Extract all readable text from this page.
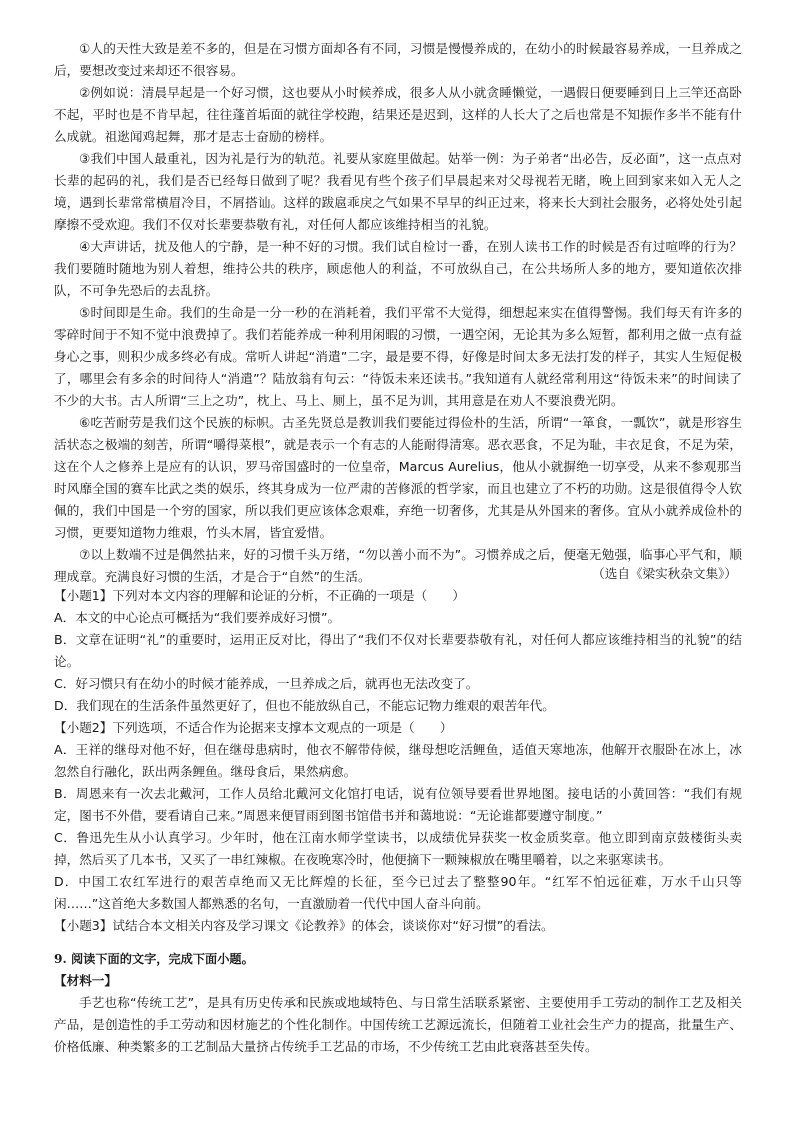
①人的天性大致是差不多的，但是在习惯方面却各有不同，习惯是慢慢养成的，在幼小的时候最容易养成，一旦养成之后，要想改变过来却还不很容易。

②例如说：清晨早起是一个好习惯，这也要从小时候养成，很多人从小就贪睡懒觉，一遇假日便要睡到日上三竿还高卧不起，平时也是不肯早起，往往蓬首垢面的就往学校跑，结果还是迟到，这样的人长大了之后也常是不知振作多半不能有什么成就。祖逖闻鸡起舞，那才是志士奋励的榜样。

③我们中国人最重礼，因为礼是行为的轨范。礼要从家庭里做起。姑举一例：为子弟者“出必告，反必面”，这一点点对长辈的起码的礼，我们是否已经每日做到了呢？我看见有些个孩子们早晨起来对父母视若无睹，晚上回到家来如入无人之境，遇到长辈常常横眉冷目，不屑搭讪。这样的跋扈乖戾之气如果不早早的纠正过来，将来长大到社会服务，必将处处引起摩擦不受欢迎。我们不仅对长辈要恭敬有礼，对任何人都应该维持相当的礼貌。

④大声讲话，扰及他人的宁静，是一种不好的习惯。我们试自检讨一番，在别人读书工作的时候是否有过喧哗的行为？我们要随时随地为别人着想，维持公共的秩序，顾虑他人的利益，不可放纵自己，在公共场所人多的地方，要知道依次排队，不可争先恐后的去乱挤。

⑤时间即是生命。我们的生命是一分一秒的在消耗着，我们平常不大觉得，细想起来实在值得警惕。我们每天有许多的零碎时间于不知不觉中浪费掉了。我们若能养成一种利用闲暇的习惯，一遇空闲，无论其为多么短暂，都利用之做一点有益身心之事，则积少成多终必有成。常听人讲起“消遣”二字，最是要不得，好像是时间太多无法打发的样子，其实人生短促极了，哪里会有多余的时间待人“消遣”？陆放翁有句云：“待饭未来还读书。”我知道有人就经常利用这“待饭未来”的时间读了不少的大书。古人所谓“三上之功”，枕上、马上、厕上，虽不足为训，其用意是在劝人不要浪费光阴。

⑥吃苦耐劳是我们这个民族的标帜。古圣先贤总是教训我们要能过得俭朴的生活，所谓“一箪食，一瓢饮”，就是形容生活状态之极端的刻苦，所谓“嚼得菜根”，就是表示一个有志的人能耐得清寒。恶衣恶食，不足为耻，丰衣足食，不足为荣，这在个人之修养上是应有的认识，罗马帝国盛时的一位皇帝，Marcus Aurelius，他从小就摒绝一切享受，从来不参观那当时风靡全国的赛车比武之类的娱乐，终其身成为一位严肃的苦修派的哲学家，而且也建立了不朽的功勋。这是很值得令人钦佩的，我们中国是一个穷的国家，所以我们更应该体念艰难，弃绝一切奢侈，尤其是从外国来的奢侈。宜从小就养成俭朴的习惯，更要知道物力维艰，竹头木屑，皆宜爱惜。

⑦以上数端不过是偶然拈来，好的习惯千头万绪，“勿以善小而不为”。习惯养成之后，便毫无勉强，临事心平气和，顺理成章。充满良好习惯的生活，才是合于“自然”的生活。	（选自《梁实秋杂文集》）

【小题1】下列对本文内容的理解和论证的分析，不正确的一项是（　　）

A．本文的中心论点可概括为“我们要养成好习惯”。

B．文章在证明“礼”的重要时，运用正反对比，得出了“我们不仅对长辈要恭敬有礼，对任何人都应该维持相当的礼貌”的结论。

C．好习惯只有在幼小的时候才能养成，一旦养成之后，就再也无法改变了。

D．我们现在的生活条件虽然更好了，但也不能放纵自己，不能忘记物力维艰的艰苦年代。

【小题2】下列选项，不适合作为论据来支撑本文观点的一项是（　　）

A．王祥的继母对他不好，但在继母患病时，他衣不解带侍候，继母想吃活鲤鱼，适值天寒地冻，他解开衣服卧在冰上，冰忽然自行融化，跃出两条鲤鱼。继母食后，果然病愈。

B．周恩来有一次去北戴河，工作人员给北戴河文化馆打电话，说有位领导要看世界地图。接电话的小黄回答：“我们有规定，图书不外借，要看请自己来。”周恩来便冒雨到图书馆借书并和蔼地说：“无论谁都要遵守制度。”

C．鲁迅先生从小认真学习。少年时，他在江南水师学堂读书，以成绩优异获奖一枚金质奖章。他立即到南京鼓楼街头卖掉，然后买了几本书，又买了一串红辣椒。在夜晚寒冷时，他便摘下一颗辣椒放在嘴里嚼着，以之来驱寒读书。

D．中国工农红军进行的艰苦卓绝而又无比辉煌的长征，至今已过去了整整90年。“红军不怕远征难，万水千山只等闲……”这首绝大多数国人都熟悉的名句，一直激励着一代代中国人奋斗向前。

【小题3】试结合本文相关内容及学习课文《论教养》的体会，谈谈你对“好习惯”的看法。

9. 阅读下面的文字，完成下面小题。

【材料一】

手艺也称“传统工艺”，是具有历史传承和民族或地域特色、与日常生活联系紧密、主要使用手工劳动的制作工艺及相关产品，是创造性的手工劳动和因材施艺的个性化制作。中国传统工艺源远流长，但随着工业社会生产力的提高，批量生产、价格低廉、种类繁多的工艺制品大量挤占传统手工艺品的市场，不少传统工艺由此衰落甚至失传。
